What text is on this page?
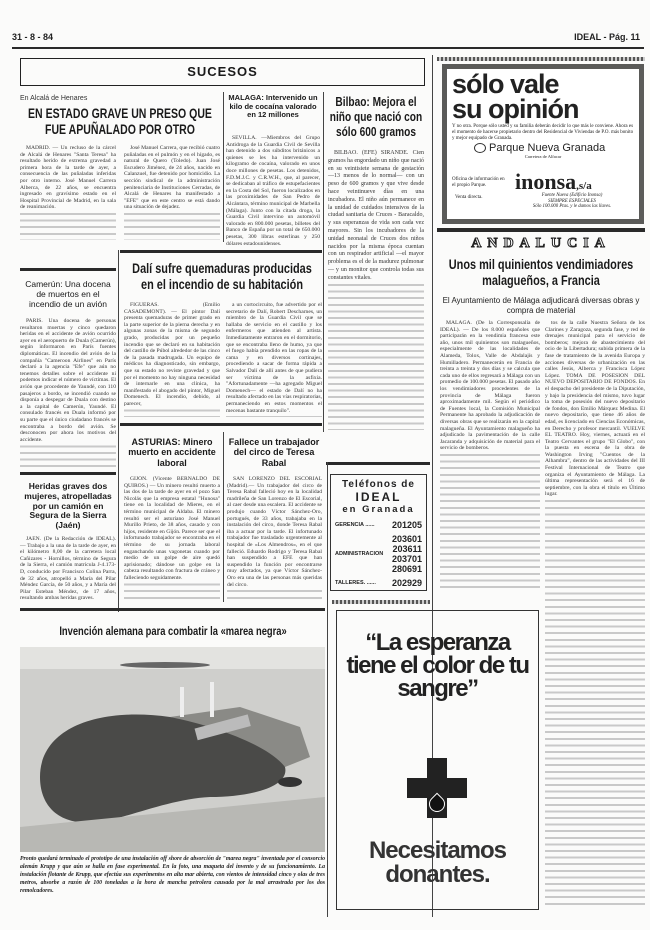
31 - 8 - 84	IDEAL - Pág. 11
SUCESOS
En Alcalá de Henares
EN ESTADO GRAVE UN PRESO QUE FUE APUÑALADO POR OTRO

MADRID. — Un recluso de la cárcel de Alcalá de Henares "Santa Teresa" ha resultado herido de extrema gravedad a primera hora de la tarde de ayer, a consecuencia de las puñaladas inferidas por otro interno. José Manuel Carrera Alberca, de 22 años, se encuentra ingresado en gravísimo estado en el Hospital Provincial de Madrid, en la sala de reanimación.

José Manuel Carrera, que recibió cuatro puñaladas en el pulmón y en el hígado, es natural de Quero (Toledo). Juan José Escudero Jiménez, de 24 años, nacido en Calanzuel, fue detenido por homicidio. La sección sindical de la administración penitenciaria de Instituciones Cerradas, de Alcalá de Henares ha manifestado a "EFE" que en este centro se está dando una situación de dejadez.

MALAGA: Intervenido un kilo de cocaína valorado en 12 millones

SEVILLA. —Miembros del Grupo Antidroga de la Guardia Civil de Sevilla han detenido a dos súbditos británicos a quienes se les ha intervenido un kilogramo de cocaína, valorado en unos doce millones de pesetas. Los detenidos, F.D.M.J.C. y C.R.W.H., que, al parecer, se dedicaban al tráfico de estupefacientes en la Costa del Sol, fueron localizados en las proximidades de San Pedro de Alcántara, término municipal de Marbella (Málaga). Junto con la citada droga, la Guardia Civil intervino un automóvil valorado en 800.000 pesetas, billetes del Banco de España por un total de 650.000 pesetas, 300 libras esterlinas y 250 dólares estadounidenses.

Bilbao: Mejora el niño que nació con sólo 600 gramos

BILBAO. (EFE) SIRANDE. Cien gramos ha engordado un niño que nació en su veintisiete semana de gestación —13 menos de lo normal— con un peso de 600 gramos y que vive desde hace veintinueve días en una incubadora. El niño aún permanece en la unidad de cuidados intensivos de la ciudad sanitaria de Cruces - Baracaldo, y sus esperanzas de vida son cada vez mayores. Sin los incubadores de la unidad neonatal de Cruces dos niños nacidos por la misma época cuentan con un respirador artificial —el mayor problema es el de la madurez pulmonar— y un monitor que controla todas sus constantes vitales.

Dalí sufre quemaduras producidas en el incendio de su habitación

FIGUERAS. (Emilio CASADEMONT). — El pintor Dalí presenta quemaduras de primer grado en la parte superior de la pierna derecha y en algunas zonas de la misma de segundo grado, producidas por un pequeño incendio que se declaró en su habitación del castillo de Púbol alrededor de las cinco de la pasada madrugada. Un equipo de médicos ha diagnosticado, sin embargo, que su estado no reviste gravedad y que por el momento no hay ninguna necesidad de internarle en una clínica, ha manifestado el abogado del pintor, Miguel Domenech. El incendio, debido, al parecer,

a un cortocircuito, fue advertido por el secretario de Dalí, Robert Descharnes, un miembro de la Guardia Civil que se hallaba de servicio en el castillo y los enfermeros que atienden al artista. Inmediatamente entraron en el dormitorio, que se encontraba lleno de humo, ya que el fuego había prendido en las ropas de la cama y en diversos cortinajes, procediendo a sacar de forma rápida a Salvador Dalí de allí antes de que pudiera ser víctima de la asfixia. "Afortunadamente —ha agregado Miguel Domenech— el estado de Dalí no ha resultado afectado en las vías respiratorias, permaneciendo en estos momentos el mecenas bastante tranquilo".

Camerún: Una docena de muertos en el incendio de un avión

PARIS. Una docena de personas resultaron muertas y cinco quedaron heridas en el accidente de avión ocurrido ayer en el aeropuerto de Duala (Camerún), según informaron en París fuentes diplomáticas. El incendio del avión de la compañía "Cameroon Airlines" en París declaró a la agencia "Efe" que aún no tenemos detalles sobre el accidente ni podemos indicar el número de víctimas. El avión que procedente de Yaundé, con 110 pasajeros a bordo, se incendió cuando se disponía a despegar de Duala con destino a la capital de Camerún, Yaundé. El consulado francés en Duala informó por su parte que el único ciudadano francés se encontraba a bordo del avión. Se desconocen por ahora los motivos del accidente.

Heridas graves dos mujeres, atropelladas por un camión en Segura de la Sierra (Jaén)

JAEN. (De la Redacción de IDEAL). — Trabajo a la una de la tarde de ayer, en el kilómetro 8,00 de la carretera local Cañizares - Hornillos, término de Segura de la Sierra, el camión matrícula J-4.173-D, conducido por Francisco Colina Parra, de 32 años, atropelló a María del Pilar Méndez García, de 50 años, y a María del Pilar Esteban Méndez, de 17 años, resultando ambas heridas graves.

ASTURIAS: Minero muerto en accidente laboral

GIJON. (Vicente BERNALDO DE QUIROS.) — Un minero resultó muerto a las dos de la tarde de ayer en el pozo San Nicolás que la empresa estatal "Hunosa" tiene en la localidad de Mieres, en el término municipal de Aldaba. El minero resultó ser el asturiano José Manuel Murillo Prieto, de 38 años, casado y con hijos, residente en Gijón. Parece ser que el infortunado trabajador se encontraba en el término de su jornada laboral enganchando unas vagonetas cuando por medio de un golpe de aire quedó aprisionado; dándose un golpe en la cabeza resultando con fractura de cráneo y falleciendo seguidamente.

Fallece un trabajador del circo de Teresa Rabal

SAN LORENZO DEL ESCORIAL (Madrid).— Un trabajador del circo de Teresa Rabal falleció hoy en la localidad madrileña de San Lorenzo de El Escorial, al caer desde una escalera. El accidente se produjo cuando Víctor Sánchez-Oro, portugués, de 33 años, trabajaba en la instalación del circo, donde Teresa Rabal iba a actuar por la tarde. El infortunado trabajador fue trasladado urgentemente al hospital de «Los Almendros», en el que falleció. Eduardo Rodrigo y Teresa Rabal han suspendido a EFE que han suspendido la función por encontrarse muy afectados, ya que Víctor Sánchez-Oro era una de las personas más queridas del circo.

Teléfonos de
IDEAL
en Granada
GERENCIA ...... 201205
ADMINISTRACION
203601
203611
203701
280691
TALLERES. ...... 202929
Invención alemana para combatir la «marea negra»
Pronto quedará terminado el prototipo de una instalación off shore de absorción de "marea negra" inventada por el consorcio alemán Krupp y que aún se halla en fase experimental. En la foto, una maqueta del invento y de su funcionamiento. La instalación flotante de Krupp, que efectúa sus experimentos en alta mar abierta, con vientos de intensidad cinco y olas de tres metros, absorbe a razón de 100 toneladas a la hora de mancha petrolera causada por la mal arrastrada por los dos remolcadores.
“La esperanza tiene el color de tu sangre”
Necesitamos donantes.
sólo vale
su opinión
Y no otra. Porque sólo usted y su familia deberán decidir lo que más le conviene. Ahora es el momento de hacerse propietario dentro del Residencial de Viviendas de P.O. más bonito y mejor equipado de Granada.
Parque Nueva Granada
Carretera de Alfacar
Oficina de información en el propio Parque.
Venta directa.
inonsa,s/a
Fuente Nueva (Edificio Inonsa)
SIEMPRE ESPECIALES
Sólo 100.000 Ptas. y le damos las llaves.
ANDALUCIA
Unos mil quinientos vendimiadores malagueños, a Francia
El Ayuntamiento de Málaga adjudicará diversas obras y compra de material

MALAGA. (De la Corresponsalía de IDEAL). — De los 8.000 españoles que participarán en la vendimia francesa este año, unos mil quinientos son malagueños, especialmente de las localidades de Alameda, Tolox, Valle de Abdalajís y Humilladero. Permanecerán en Francia de treinta a treinta y dos días y se calcula que cada uno de ellos regresará a Málaga con un promedio de 100.000 pesetas. El pasado año los vendimiadores procedentes de la provincia de Málaga fueron aproximadamente mil. Según el periódico de Fuentes local, la Comisión Municipal Permanente ha aprobado la adjudicación de diversas obras que se realizarán en la capital malagueña. El Ayuntamiento malagueño ha adjudicado la pavimentación de la calle Jacaranda y adquisición de material para el servicio de bomberos.

tos de la calle Nuestra Señora de los Clarines y Zaragoza, segunda fase, y red de drenajes municipal para el servicio de bomberos; mejora de abastecimiento del ocio de la Libertadura; subida primera de la fase de tratamiento de la avenida Europa y acciones diversas de urbanización en las calles Jesús, Alberca y Francisca López López. TOMA DE POSESION DEL NUEVO DEPOSITARIO DE FONDOS. En el despacho del presidente de la Diputación, y bajo la presidencia del mismo, tuvo lugar la toma de posesión del nuevo depositario de fondos, don Emilio Márquez Medina. El nuevo depositario, que tiene 46 años de edad, es licenciado en Ciencias Económicas, en Derecho y profesor mercantil. VUELVE EL TEATRO. Hoy, viernes, actuará en el Teatro Cervantes el grupo "El Globo", con la puesta en escena de la obra de Washington Irving "Cuentos de la Alhambra", dentro de las actividades del III Festival Internacional de Teatro que organiza el Ayuntamiento de Málaga. La última representación será el 16 de septiembre, con la obra el título en Último lugar.
